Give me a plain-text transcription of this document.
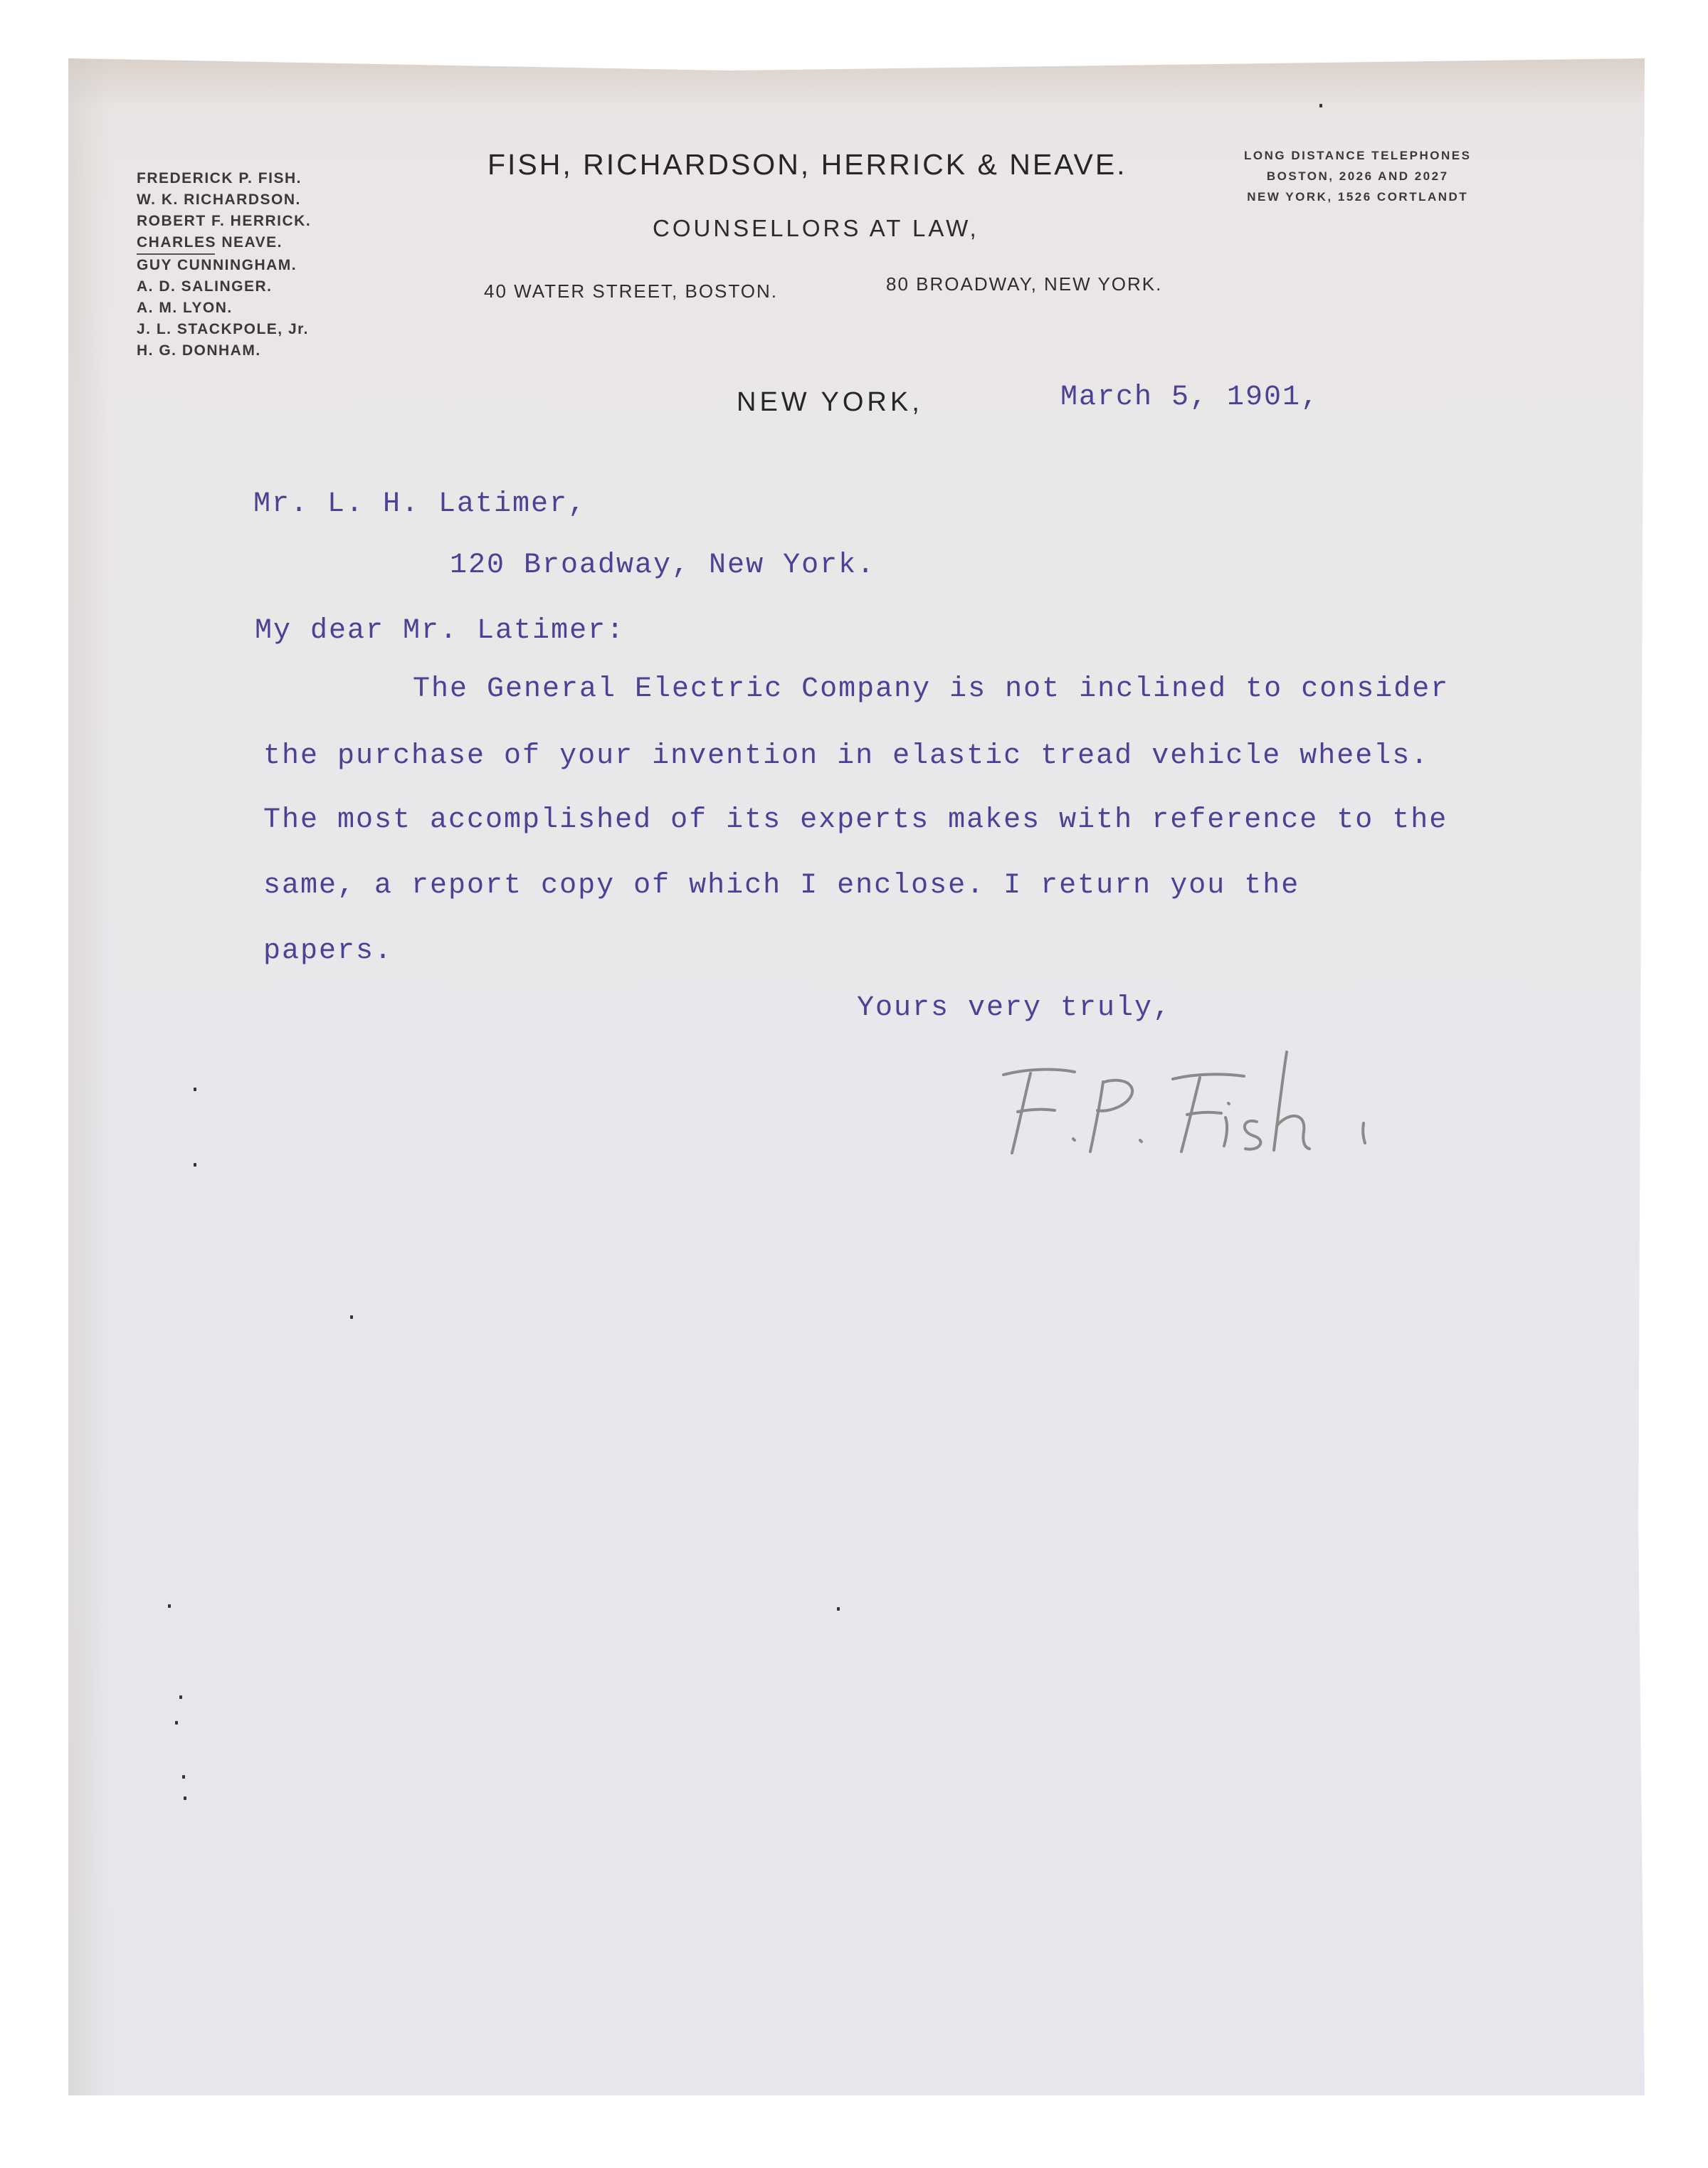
FREDERICK P. FISH.
W. K. RICHARDSON.
ROBERT F. HERRICK.
CHARLES NEAVE.
GUY CUNNINGHAM.
A. D. SALINGER.
A. M. LYON.
J. L. STACKPOLE, Jr.
H. G. DONHAM.
FISH, RICHARDSON, HERRICK & NEAVE.
COUNSELLORS AT LAW,
40 WATER STREET, BOSTON.	80 BROADWAY, NEW YORK.
LONG DISTANCE TELEPHONES
BOSTON, 2026 AND 2027
NEW YORK, 1526 CORTLANDT
NEW YORK,	March 5, 1901,
Mr. L. H. Latimer,
120 Broadway, New York.
My dear Mr. Latimer:
The General Electric Company is not inclined to consider
the purchase of your invention in elastic tread vehicle wheels.
The most accomplished of its experts makes with reference to the
same, a report copy of which I enclose. I return you the
papers.
Yours very truly,
